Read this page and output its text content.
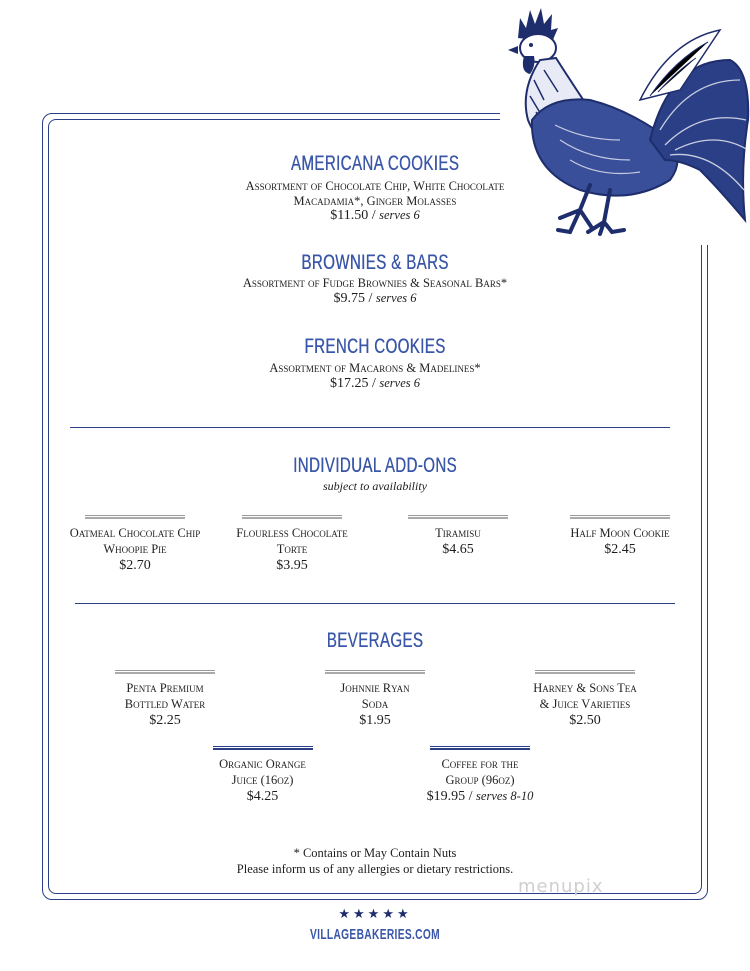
AMERICANA COOKIES
Assortment of Chocolate Chip, White Chocolate
Macadamia*, Ginger Molasses
$11.50 / serves 6
BROWNIES & BARS
Assortment of Fudge Brownies & Seasonal Bars*
$9.75 / serves 6
FRENCH COOKIES
Assortment of Macarons & Madelines*
$17.25 / serves 6
INDIVIDUAL ADD-ONS
subject to availability
Oatmeal Chocolate Chip
Whoopie Pie
$2.70
Flourless Chocolate
Torte
$3.95
Tiramisu
$4.65
Half Moon Cookie
$2.45
BEVERAGES
Penta Premium
Bottled Water
$2.25
Johnnie Ryan
Soda
$1.95
Harney & Sons Tea
& Juice Varieties
$2.50
Organic Orange
Juice (16oz)
$4.25
Coffee for the
Group (96oz)
$19.95 / serves 8-10
* Contains or May Contain Nuts
Please inform us of any allergies or dietary restrictions.
menupix
★★★★★
VILLAGEBAKERIES.COM
